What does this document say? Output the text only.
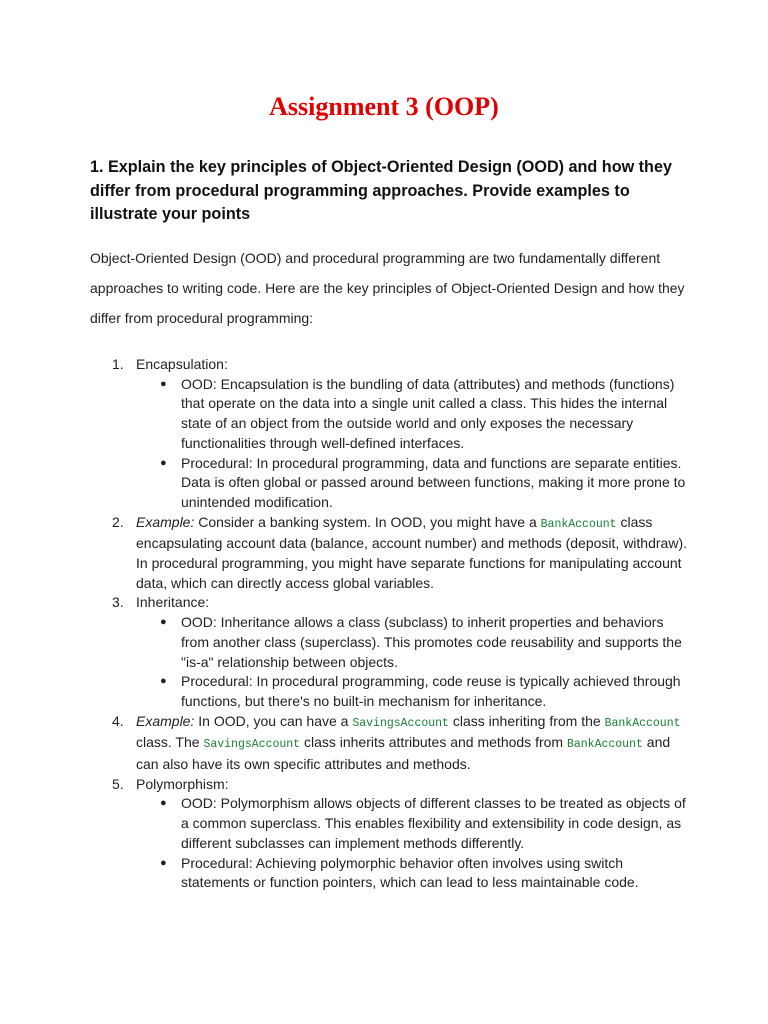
Assignment 3 (OOP)

1. Explain the key principles of Object-Oriented Design (OOD) and how they differ from procedural programming approaches. Provide examples to illustrate your points

Object-Oriented Design (OOD) and procedural programming are two fundamentally different approaches to writing code. Here are the key principles of Object-Oriented Design and how they differ from procedural programming:

1. Encapsulation:
● OOD: Encapsulation is the bundling of data (attributes) and methods (functions) that operate on the data into a single unit called a class. This hides the internal state of an object from the outside world and only exposes the necessary functionalities through well-defined interfaces.
● Procedural: In procedural programming, data and functions are separate entities. Data is often global or passed around between functions, making it more prone to unintended modification.
2. Example: Consider a banking system. In OOD, you might have a BankAccount class encapsulating account data (balance, account number) and methods (deposit, withdraw). In procedural programming, you might have separate functions for manipulating account data, which can directly access global variables.
3. Inheritance:
● OOD: Inheritance allows a class (subclass) to inherit properties and behaviors from another class (superclass). This promotes code reusability and supports the "is-a" relationship between objects.
● Procedural: In procedural programming, code reuse is typically achieved through functions, but there's no built-in mechanism for inheritance.
4. Example: In OOD, you can have a SavingsAccount class inheriting from the BankAccount class. The SavingsAccount class inherits attributes and methods from BankAccount and can also have its own specific attributes and methods.
5. Polymorphism:
● OOD: Polymorphism allows objects of different classes to be treated as objects of a common superclass. This enables flexibility and extensibility in code design, as different subclasses can implement methods differently.
● Procedural: Achieving polymorphic behavior often involves using switch statements or function pointers, which can lead to less maintainable code.
